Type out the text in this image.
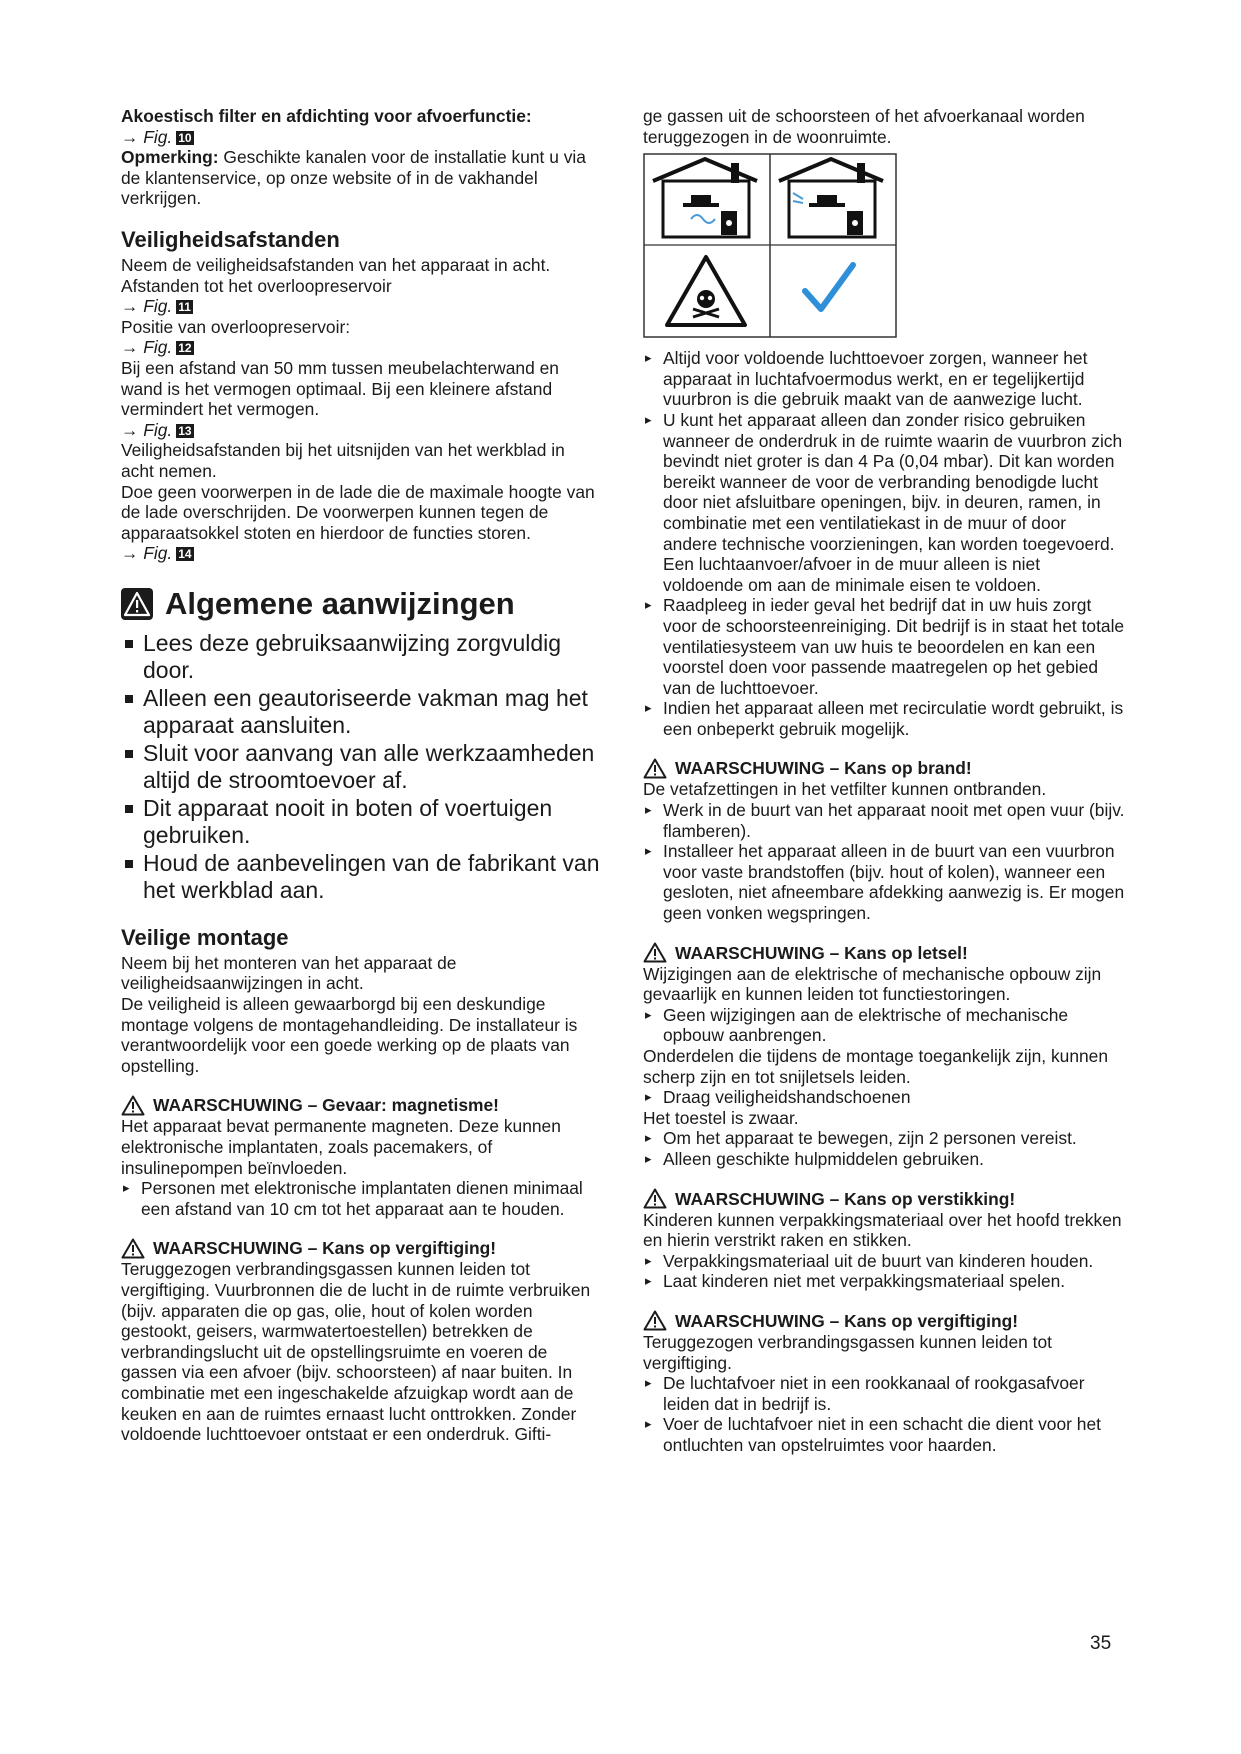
Akoestisch filter en afdichting voor afvoerfunctie:

→ Fig. 10

Opmerking: Geschikte kanalen voor de installatie kunt u via de klantenservice, op onze website of in de vakhandel verkrijgen.

Veiligheidsafstanden

Neem de veiligheidsafstanden van het apparaat in acht.

Afstanden tot het overloopreservoir

→ Fig. 11

Positie van overloopreservoir:

→ Fig. 12

Bij een afstand van 50 mm tussen meubelachterwand en wand is het vermogen optimaal. Bij een kleinere afstand vermindert het vermogen.

→ Fig. 13

Veiligheidsafstanden bij het uitsnijden van het werkblad in acht nemen.

Doe geen voorwerpen in de lade die de maximale hoogte van de lade overschrijden. De voorwerpen kunnen tegen de apparaatsokkel stoten en hierdoor de functies storen.

→ Fig. 14
Algemene aanwijzingen
Lees deze gebruiksaanwijzing zorgvuldig door.
Alleen een geautoriseerde vakman mag het apparaat aansluiten.
Sluit voor aanvang van alle werkzaamheden altijd de stroomtoevoer af.
Dit apparaat nooit in boten of voertuigen gebruiken.
Houd de aanbevelingen van de fabrikant van het werkblad aan.
Veilige montage

Neem bij het monteren van het apparaat de veiligheidsaanwijzingen in acht.

De veiligheid is alleen gewaarborgd bij een deskundige montage volgens de montagehandleiding. De installateur is verantwoordelijk voor een goede werking op de plaats van opstelling.

WAARSCHUWING – Gevaar: magnetisme!

Het apparaat bevat permanente magneten. Deze kunnen elektronische implantaten, zoals pacemakers, of insulinepompen beïnvloeden.

▸ Personen met elektronische implantaten dienen minimaal een afstand van 10 cm tot het apparaat aan te houden.
WAARSCHUWING – Kans op vergiftiging!

Teruggezogen verbrandingsgassen kunnen leiden tot vergiftiging. Vuurbronnen die de lucht in de ruimte verbruiken (bijv. apparaten die op gas, olie, hout of kolen worden gestookt, geisers, warmwatertoestellen) betrekken de verbrandingslucht uit de opstellingsruimte en voeren de gassen via een afvoer (bijv. schoorsteen) af naar buiten. In combinatie met een ingeschakelde afzuigkap wordt aan de keuken en aan de ruimtes ernaast lucht onttrokken. Zonder voldoende luchttoevoer ontstaat er een onderdruk. Gifti-

ge gassen uit de schoorsteen of het afvoerkanaal worden teruggezogen in de woonruimte.

▸ Altijd voor voldoende luchttoevoer zorgen, wanneer het apparaat in luchtafvoermodus werkt, en er tegelijkertijd vuurbron is die gebruik maakt van de aanwezige lucht.
▸ U kunt het apparaat alleen dan zonder risico gebruiken wanneer de onderdruk in de ruimte waarin de vuurbron zich bevindt niet groter is dan 4 Pa (0,04 mbar). Dit kan worden bereikt wanneer de voor de verbranding benodigde lucht door niet afsluitbare openingen, bijv. in deuren, ramen, in combinatie met een ventilatiekast in de muur of door andere technische voorzieningen, kan worden toegevoerd. Een luchtaanvoer/afvoer in de muur alleen is niet voldoende om aan de minimale eisen te voldoen.
▸ Raadpleeg in ieder geval het bedrijf dat in uw huis zorgt voor de schoorsteenreiniging. Dit bedrijf is in staat het totale ventilatiesysteem van uw huis te beoordelen en kan een voorstel doen voor passende maatregelen op het gebied van de luchttoevoer.
▸ Indien het apparaat alleen met recirculatie wordt gebruikt, is een onbeperkt gebruik mogelijk.
WAARSCHUWING – Kans op brand!

De vetafzettingen in het vetfilter kunnen ontbranden.

▸ Werk in de buurt van het apparaat nooit met open vuur (bijv. flamberen).
▸ Installeer het apparaat alleen in de buurt van een vuurbron voor vaste brandstoffen (bijv. hout of kolen), wanneer een gesloten, niet afneembare afdekking aanwezig is. Er mogen geen vonken wegspringen.
WAARSCHUWING – Kans op letsel!

Wijzigingen aan de elektrische of mechanische opbouw zijn gevaarlijk en kunnen leiden tot functiestoringen.

▸ Geen wijzigingen aan de elektrische of mechanische opbouw aanbrengen.

Onderdelen die tijdens de montage toegankelijk zijn, kunnen scherp zijn en tot snijletsels leiden.

▸ Draag veiligheidshandschoenen

Het toestel is zwaar.

▸ Om het apparaat te bewegen, zijn 2 personen vereist.
▸ Alleen geschikte hulpmiddelen gebruiken.
WAARSCHUWING – Kans op verstikking!

Kinderen kunnen verpakkingsmateriaal over het hoofd trekken en hierin verstrikt raken en stikken.

▸ Verpakkingsmateriaal uit de buurt van kinderen houden.
▸ Laat kinderen niet met verpakkingsmateriaal spelen.
WAARSCHUWING – Kans op vergiftiging!

Teruggezogen verbrandingsgassen kunnen leiden tot vergiftiging.

▸ De luchtafvoer niet in een rookkanaal of rookgasafvoer leiden dat in bedrijf is.
▸ Voer de luchtafvoer niet in een schacht die dient voor het ontluchten van opstelruimtes voor haarden.
35
